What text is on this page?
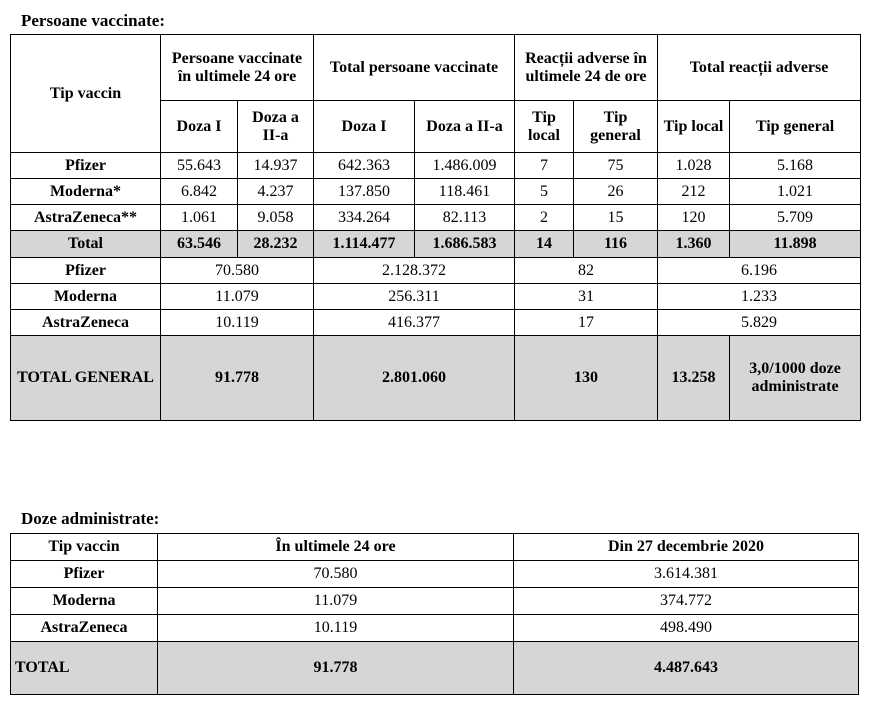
Persoane vaccinate:
Tip vaccin	Persoane vaccinate în ultimele 24 ore		Total persoane vaccinate		Reacții adverse în ultimele 24 de ore		Total reacții adverse	
	Doza I	Doza a II-a	Doza I	Doza a II-a	Tip local	Tip general	Tip local	Tip general
Pfizer	55.643	14.937	642.363	1.486.009	7	75	1.028	5.168
Moderna*	6.842	4.237	137.850	118.461	5	26	212	1.021
AstraZeneca**	1.061	9.058	334.264	82.113	2	15	120	5.709
Total	63.546	28.232	1.114.477	1.686.583	14	116	1.360	11.898
Pfizer	70.580		2.128.372		82		6.196	
Moderna	11.079		256.311		31		1.233	
AstraZeneca	10.119		416.377		17		5.829	
TOTAL GENERAL	91.778		2.801.060		130		13.258	3,0/1000 doze administrate
Doze administrate:
Tip vaccin	În ultimele 24 ore	Din 27 decembrie 2020
Pfizer	70.580	3.614.381
Moderna	11.079	374.772
AstraZeneca	10.119	498.490
TOTAL	91.778	4.487.643
